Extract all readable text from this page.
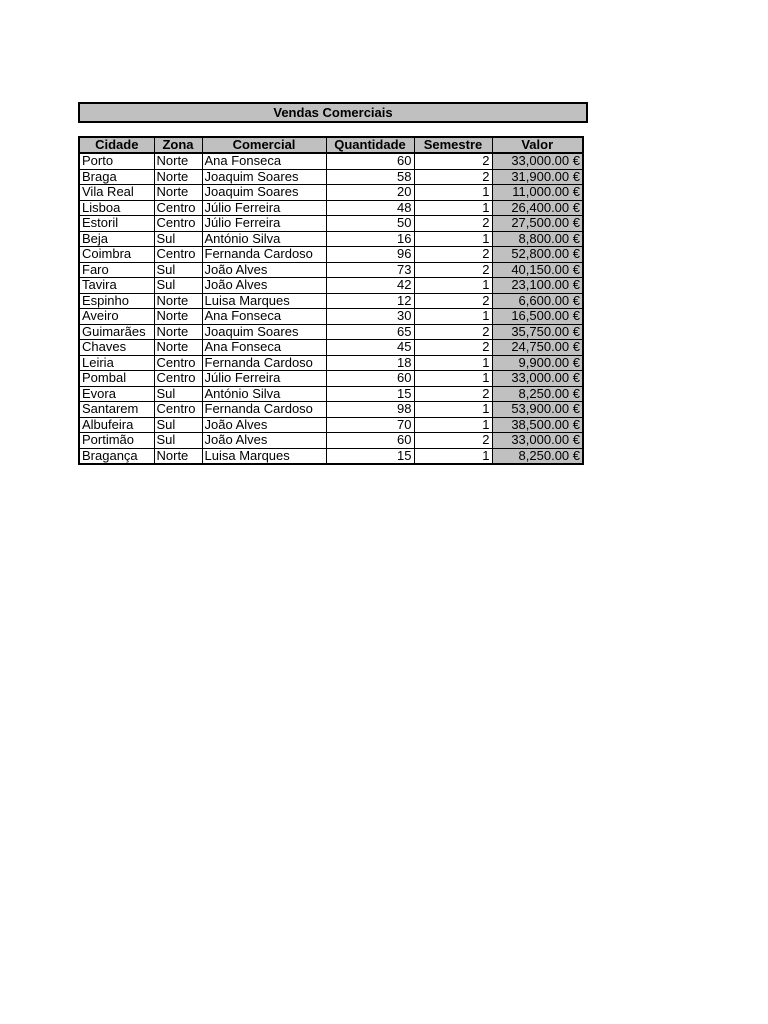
Vendas Comerciais
Cidade	Zona	Comercial	Quantidade	Semestre	Valor
Porto	Norte	Ana Fonseca	60	2	33,000.00 €
Braga	Norte	Joaquim Soares	58	2	31,900.00 €
Vila Real	Norte	Joaquim Soares	20	1	11,000.00 €
Lisboa	Centro	Júlio Ferreira	48	1	26,400.00 €
Estoril	Centro	Júlio Ferreira	50	2	27,500.00 €
Beja	Sul	António Silva	16	1	8,800.00 €
Coimbra	Centro	Fernanda Cardoso	96	2	52,800.00 €
Faro	Sul	João Alves	73	2	40,150.00 €
Tavira	Sul	João Alves	42	1	23,100.00 €
Espinho	Norte	Luisa Marques	12	2	6,600.00 €
Aveiro	Norte	Ana Fonseca	30	1	16,500.00 €
Guimarães	Norte	Joaquim Soares	65	2	35,750.00 €
Chaves	Norte	Ana Fonseca	45	2	24,750.00 €
Leiria	Centro	Fernanda Cardoso	18	1	9,900.00 €
Pombal	Centro	Júlio Ferreira	60	1	33,000.00 €
Evora	Sul	António Silva	15	2	8,250.00 €
Santarem	Centro	Fernanda Cardoso	98	1	53,900.00 €
Albufeira	Sul	João Alves	70	1	38,500.00 €
Portimão	Sul	João Alves	60	2	33,000.00 €
Bragança	Norte	Luisa Marques	15	1	8,250.00 €
